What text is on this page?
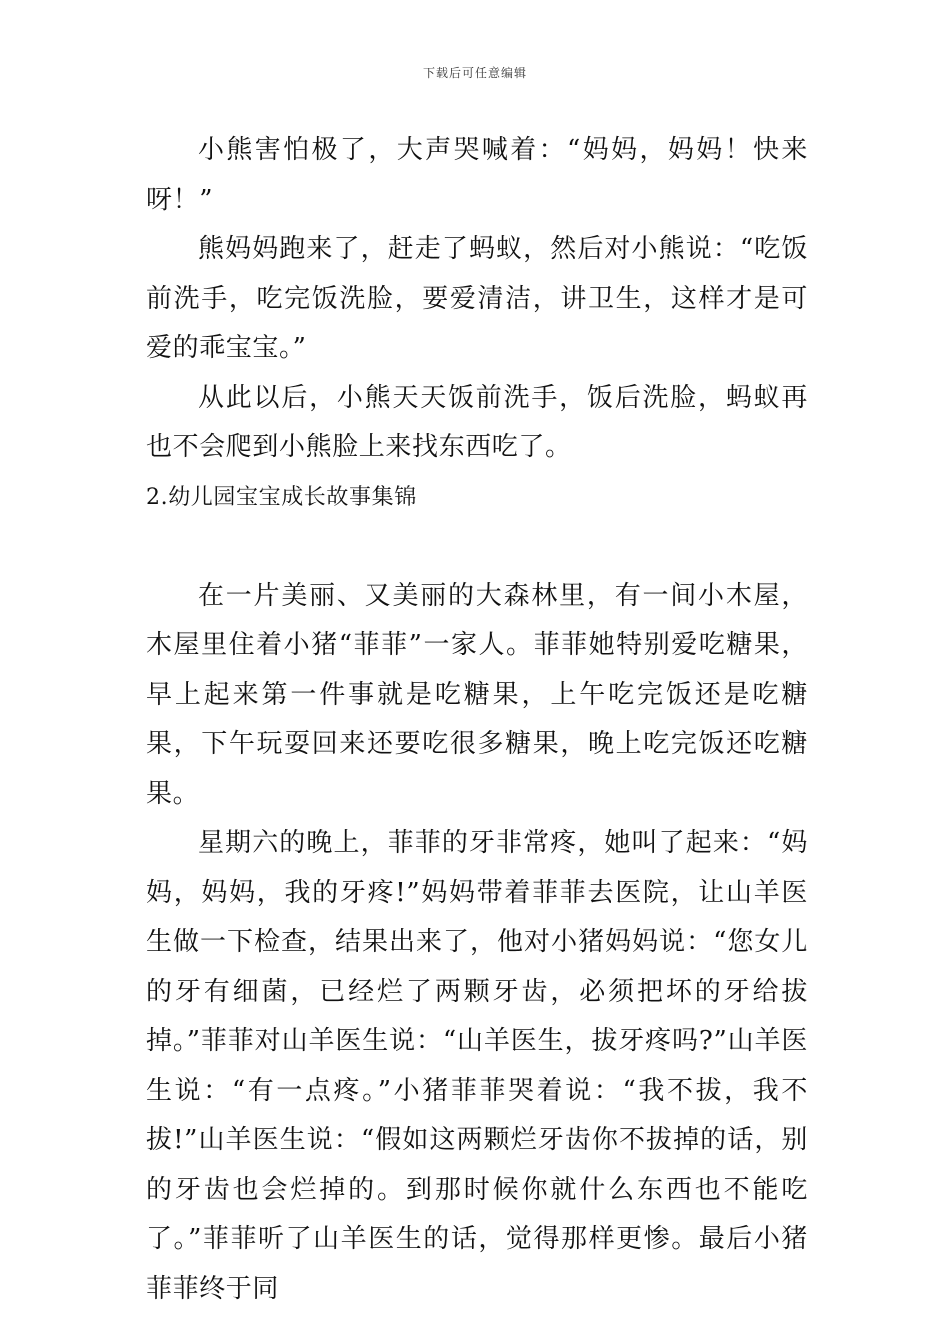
下载后可任意编辑

小熊害怕极了，大声哭喊着：“妈妈，妈妈！快来呀！”

熊妈妈跑来了，赶走了蚂蚁，然后对小熊说：“吃饭前洗手，吃完饭洗脸，要爱清洁，讲卫生，这样才是可爱的乖宝宝。”

从此以后，小熊天天饭前洗手，饭后洗脸，蚂蚁再也不会爬到小熊脸上来找东西吃了。

2.幼儿园宝宝成长故事集锦

在一片美丽、又美丽的大森林里，有一间小木屋，木屋里住着小猪“菲菲”一家人。菲菲她特别爱吃糖果，早上起来第一件事就是吃糖果，上午吃完饭还是吃糖果，下午玩耍回来还要吃很多糖果，晚上吃完饭还吃糖果。

星期六的晚上，菲菲的牙非常疼，她叫了起来：“妈妈，妈妈，我的牙疼!”妈妈带着菲菲去医院，让山羊医生做一下检查，结果出来了，他对小猪妈妈说：“您女儿的牙有细菌，已经烂了两颗牙齿，必须把坏的牙给拔掉。”菲菲对山羊医生说：“山羊医生，拔牙疼吗?”山羊医生说：“有一点疼。”小猪菲菲哭着说：“我不拔，我不拔!”山羊医生说：“假如这两颗烂牙齿你不拔掉的话，别的牙齿也会烂掉的。到那时候你就什么东西也不能吃了。”菲菲听了山羊医生的话，觉得那样更惨。最后小猪菲菲终于同
